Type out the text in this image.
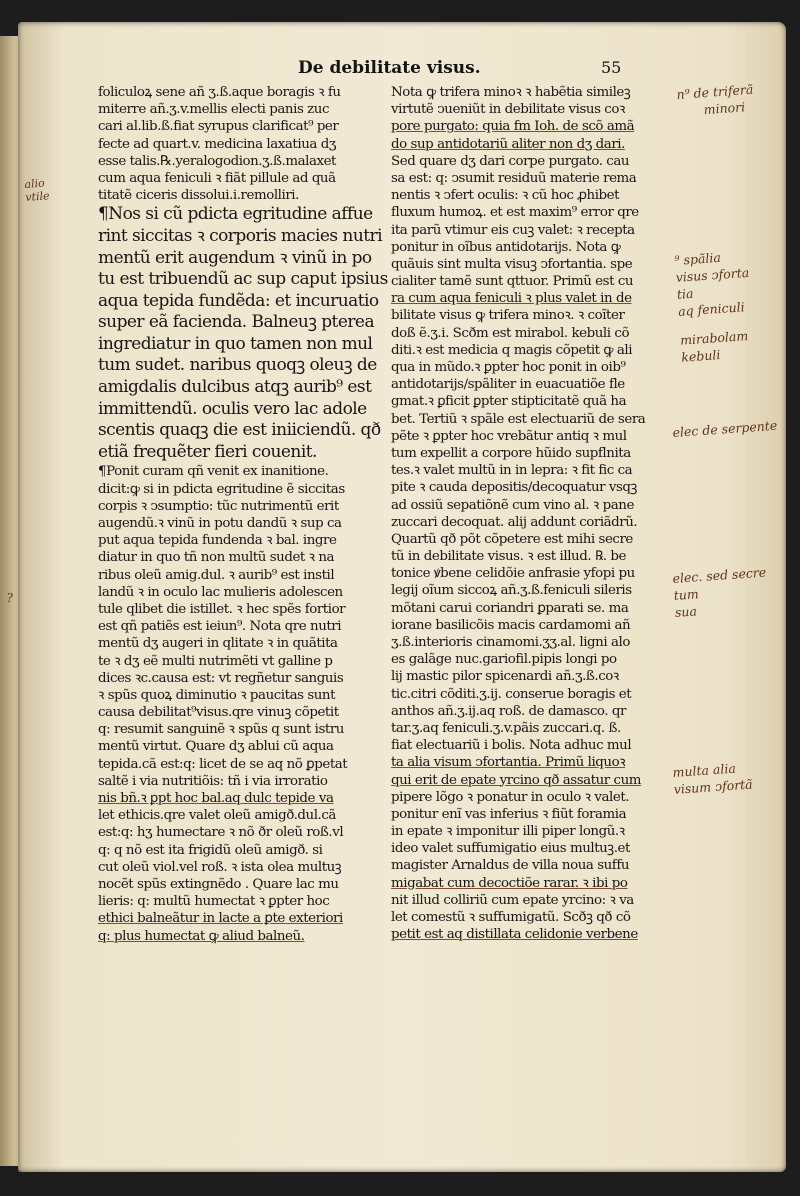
De debilitate visus.	55
foliculoꝝ sene añ ʒ.ß.aque boragis ꝛ fu
miterre añ.ʒ.v.mellis electi panis zuc
cari al.lib.ß.fiat syrupus clarificat⁹ per
fecte ad quart.v. medicina laxatiua dʒ
esse talis.℞.yeralogodion.ʒ.ß.malaxet
cum aqua feniculi ꝛ fiãt pillule ad quã
titatẽ ciceris dissolui.i.remolliri.
¶Nos si cũ pdicta egritudine affue
rint siccitas ꝛ corporis macies nutri
mentũ erit augendum ꝛ vinũ in po
tu est tribuendũ ac sup caput ipsius
aqua tepida fundẽda: et incuruatio
super eã facienda. Balneuꝫ pterea
ingrediatur in quo tamen non mul
tum sudet. naribus quoqꝫ oleuꝫ de
amigdalis dulcibus atqꝫ aurib⁹ est
immittendũ. oculis vero lac adole
scentis quaqꝫ die est iniiciendũ. qð
etiã frequẽter fieri couenit.
¶Ponit curam qñ venit ex inanitione.
dicit:ꝙ si in pdicta egritudine ẽ siccitas
corpis ꝛ ↄsumptio: tũc nutrimentũ erit
augendũ.ꝛ vinũ in potu dandũ ꝛ sup ca
put aqua tepida fundenda ꝛ bal. ingre
diatur in quo tñ non multũ sudet ꝛ na
ribus oleũ amig.dul. ꝛ aurib⁹ est instil
landũ ꝛ in oculo lac mulieris adolescen
tule qlibet die istillet. ꝛ hec spẽs fortior
est qñ patiẽs est ieiun⁹. Nota qre nutri
mentũ dʒ augeri in qlitate ꝛ in quãtita
te ꝛ dʒ eẽ multi nutrimẽti vt galline p
dices ꝛc.causa est: vt regñetur sanguis
ꝛ spũs quoꝝ diminutio ꝛ paucitas sunt
causa debilitat⁹visus.qre vinuꝫ cõpetit
q: resumit sanguinẽ ꝛ spũs q sunt istru
mentũ virtut. Quare dʒ ablui cũ aqua
tepida.cã est:q: licet de se aq nõ ꝑpetat
saltẽ i via nutritiõis: tñ i via irroratio
nis bñ.ꝛ ꝑpt hoc bal.aq dulc tepide va
let ethicis.qre valet oleũ amigð.dul.cã
est:q: hʒ humectare ꝛ nõ ðr oleũ roß.vl
q: q nõ est ita frigidũ oleũ amigð. si
cut oleũ viol.vel roß. ꝛ ista olea multuꝫ
nocẽt spũs extingnẽdo . Quare lac mu
lieris: q: multũ humectat ꝛ ꝑpter hoc
ethici balneãtur in lacte a ꝑte exteriori
q: plus humectat ꝙ aliud balneũ.
Nota ꝙ trifera minoꝛ ꝛ habẽtia simileꝫ
virtutẽ ↄueniũt in debilitate visus coꝛ
pore purgato: quia fm Ioh. de scõ amã
do sup antidotariũ aliter non dʒ dari.
Sed quare dʒ dari corpe purgato. cau
sa est: q: ↄsumit residuũ materie rema
nentis ꝛ ↄfert oculis: ꝛ cũ hoc ꝓhibet
fluxum humoꝝ. et est maxim⁹ error qre
ita parũ vtimur eis cuꝫ valet: ꝛ recepta
ponitur in oĩbus antidotarijs. Nota ꝙ
quãuis sint multa visuꝫ ↄfortantia. spe
cialiter tamẽ sunt qttuor. Primũ est cu
ra cum aqua feniculi ꝛ plus valet in de
bilitate visus ꝙ trifera minoꝛ. ꝛ coĩter
doß ẽ.ʒ.i. Scðm est mirabol. kebuli cõ
diti.ꝛ est medicia q magis cõpetit ꝙ ali
qua in mũdo.ꝛ ꝑpter hoc ponit in oib⁹
antidotarijs/spãliter in euacuatiõe fle
gmat.ꝛ ꝑficit ꝑpter stipticitatẽ quã ha
bet. Tertiũ ꝛ spãle est electuariũ de sera
pẽte ꝛ ꝑpter hoc vrebãtur antiq ꝛ mul
tum expellit a corpore hũido supflnita
tes.ꝛ valet multũ in in lepra: ꝛ fit fic ca
pite ꝛ cauda depositis/decoquatur vsqꝫ
ad ossiũ sepatiõnẽ cum vino al. ꝛ pane
zuccari decoquat. alij addunt coriãdrũ.
Quartũ qð põt cõpetere est mihi secre
tũ in debilitate visus. ꝛ est illud. ℞. be
tonice ꝟbene celidõie anfrasie yfopi pu
legij oĩum siccoꝝ añ.ʒ.ß.feniculi sileris
mõtani carui coriandri ꝑparati se. ma
iorane basilicõis macis cardamomi añ
ʒ.ß.interioris cinamomi.ʒʒ.al. ligni alo
es galãge nuc.gariofil.pipis longi po
lij mastic pilor spicenardi añ.ʒ.ß.coꝛ
tic.citri cõditi.ʒ.ij. conserue boragis et
anthos añ.ʒ.ij.aq roß. de damasco. qr
tar.ʒ.aq feniculi.ʒ.v.pãis zuccari.q. ß.
fiat electuariũ i bolis. Nota adhuc mul
ta alia visum ↄfortantia. Primũ liquoꝛ
qui erit de epate yrcino qð assatur cum
pipere lõgo ꝛ ponatur in oculo ꝛ valet.
ponitur enĩ vas inferius ꝛ fiũt foramia
in epate ꝛ imponitur illi piper longũ.ꝛ
ideo valet suffumigatio eius multuꝫ.et
magister Arnaldus de villa noua suffu
migabat cum decoctiõe rarar. ꝛ ibi po
nit illud colliriũ cum epate yrcino: ꝛ va
let comestũ ꝛ suffumigatũ. Scðꝫ qð cõ
petit est aq distillata celidonie verbene
n⁹ de triferã
minori
⁹ spãlia
visus ↄforta
tia
aq feniculi
mirabolam
kebuli
elec de serpente
elec. sed secre
tum
sua
multa alia
visum ↄfortã
alio
vtile
?
